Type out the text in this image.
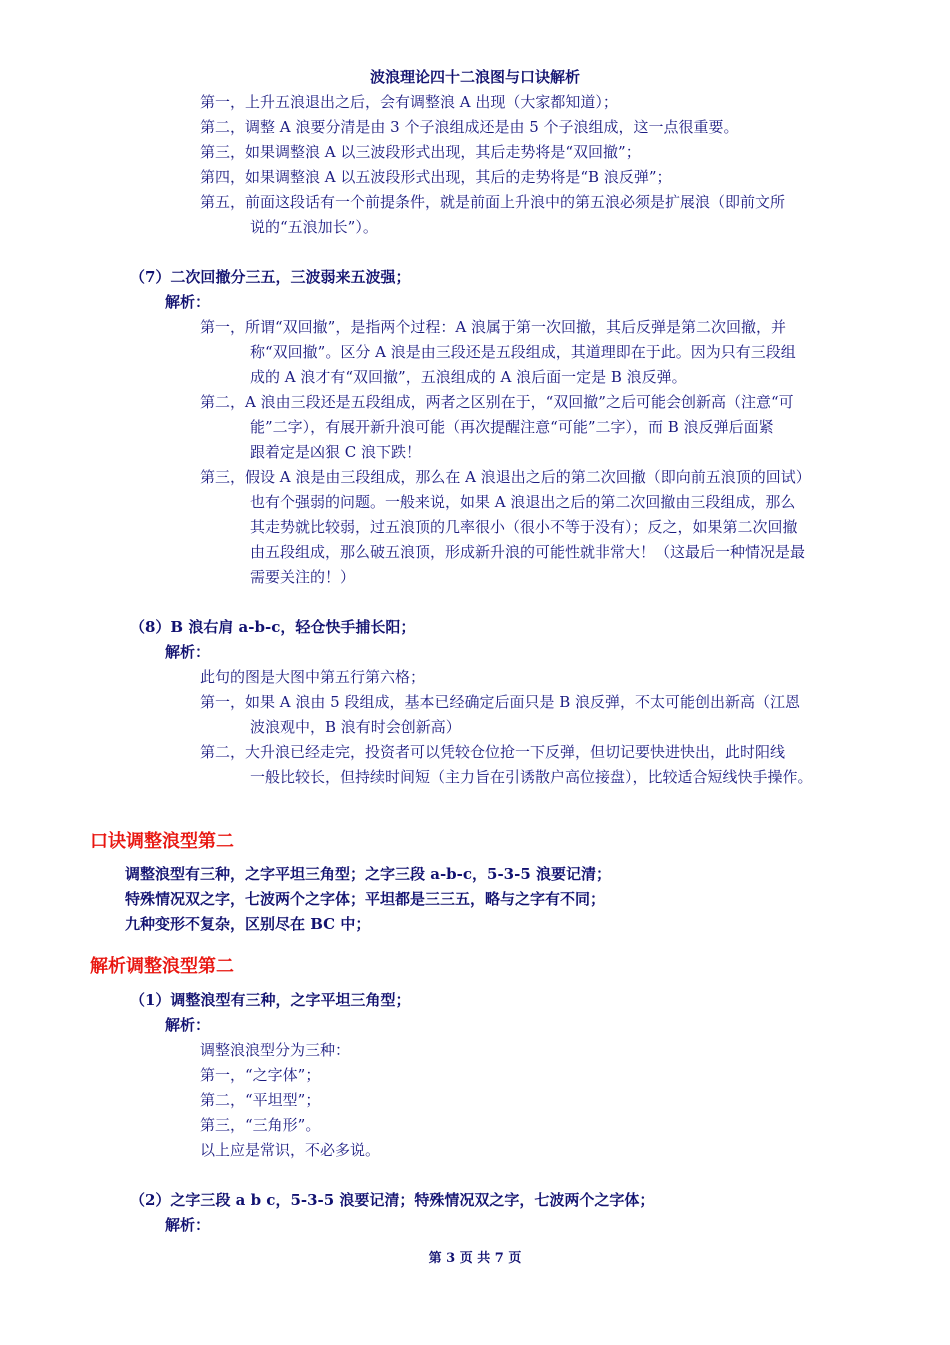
波浪理论四十二浪图与口诀解析
第一，上升五浪退出之后，会有调整浪 A 出现（大家都知道）；
第二，调整 A 浪要分清是由 3 个子浪组成还是由 5 个子浪组成，这一点很重要。
第三，如果调整浪 A 以三波段形式出现，其后走势将是“双回撤”；
第四，如果调整浪 A 以五波段形式出现，其后的走势将是“B 浪反弹”；
第五，前面这段话有一个前提条件，就是前面上升浪中的第五浪必须是扩展浪（即前文所
说的“五浪加长”）。
（7）二次回撤分三五，三波弱来五波强；
解析：
第一，所谓“双回撤”，是指两个过程：A 浪属于第一次回撤，其后反弹是第二次回撤，并
称“双回撤”。区分 A 浪是由三段还是五段组成，其道理即在于此。因为只有三段组
成的 A 浪才有“双回撤”，五浪组成的 A 浪后面一定是 B 浪反弹。
第二，A 浪由三段还是五段组成，两者之区别在于，“双回撤”之后可能会创新高（注意“可
能”二字），有展开新升浪可能（再次提醒注意“可能”二字），而 B 浪反弹后面紧
跟着定是凶狠 C 浪下跌！
第三，假设 A 浪是由三段组成，那么在 A 浪退出之后的第二次回撤（即向前五浪顶的回试）
也有个强弱的问题。一般来说，如果 A 浪退出之后的第二次回撤由三段组成，那么
其走势就比较弱，过五浪顶的几率很小（很小不等于没有）；反之，如果第二次回撤
由五段组成，那么破五浪顶，形成新升浪的可能性就非常大！（这最后一种情况是最
需要关注的！）
（8）B 浪右肩 a-b-c，轻仓快手捕长阳；
解析：
此句的图是大图中第五行第六格；
第一，如果 A 浪由 5 段组成，基本已经确定后面只是 B 浪反弹，不太可能创出新高（江恩
波浪观中，B 浪有时会创新高）
第二，大升浪已经走完，投资者可以凭较仓位抢一下反弹，但切记要快进快出，此时阳线
一般比较长，但持续时间短（主力旨在引诱散户高位接盘），比较适合短线快手操作。
口诀调整浪型第二
调整浪型有三种，之字平坦三角型；之字三段 a-b-c，5-3-5 浪要记清；
特殊情况双之字，七波两个之字体；平坦都是三三五，略与之字有不同；
九种变形不复杂，区别尽在 BC 中；
解析调整浪型第二
（1）调整浪型有三种，之字平坦三角型；
解析：
调整浪浪型分为三种：
第一，“之字体”；
第二，“平坦型”；
第三，“三角形”。
以上应是常识，不必多说。
（2）之字三段 a b c，5-3-5 浪要记清；特殊情况双之字，七波两个之字体；
解析：
第 3 页 共 7 页
